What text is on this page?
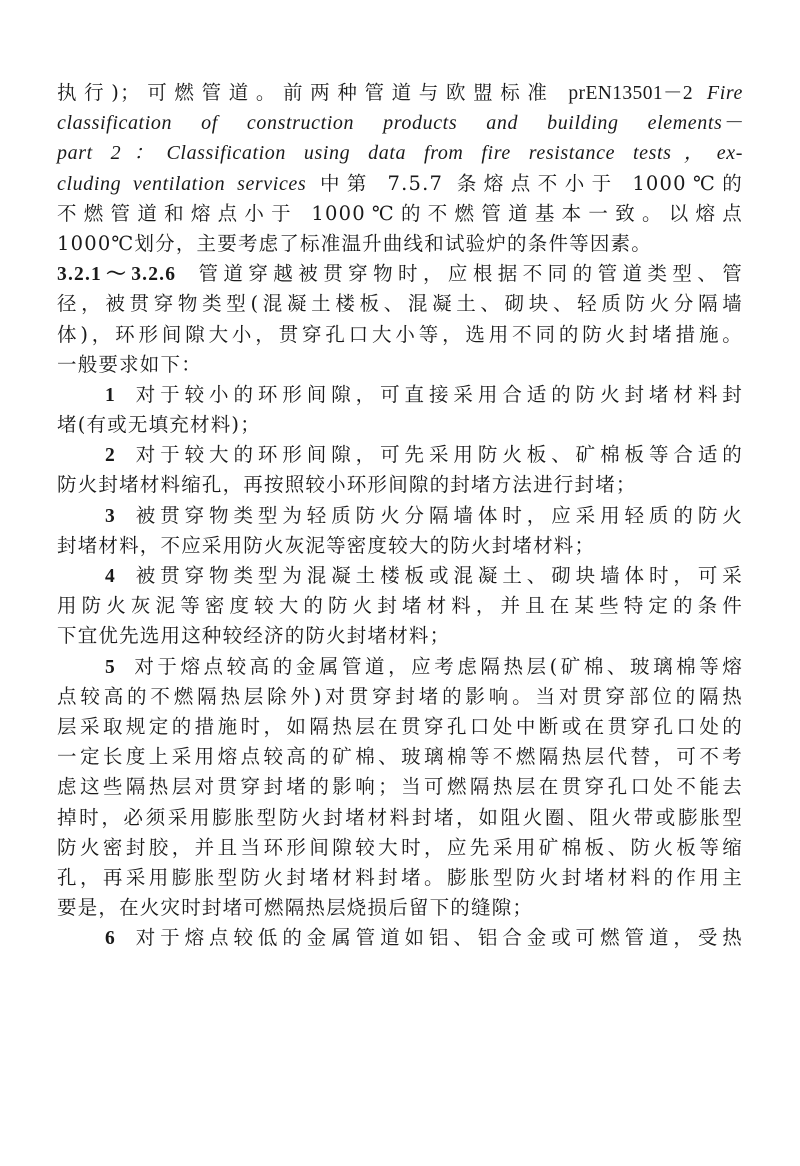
执行)；可燃管道。前两种管道与欧盟标准 prEN13501－2 Fire
classification of construction products and building elements－
part 2：Classification using data from fire resistance tests，ex-
cluding ventilation services 中第 7.5.7 条熔点不小于 1000℃的
不燃管道和熔点小于 1000℃的不燃管道基本一致。以熔点
1000℃划分，主要考虑了标准温升曲线和试验炉的条件等因素。
3.2.1～3.2.6 管道穿越被贯穿物时，应根据不同的管道类型、管
径，被贯穿物类型(混凝土楼板、混凝土、砌块、轻质防火分隔墙
体)，环形间隙大小，贯穿孔口大小等，选用不同的防火封堵措施。
一般要求如下：
1 对于较小的环形间隙，可直接采用合适的防火封堵材料封
堵(有或无填充材料)；
2 对于较大的环形间隙，可先采用防火板、矿棉板等合适的
防火封堵材料缩孔，再按照较小环形间隙的封堵方法进行封堵；
3 被贯穿物类型为轻质防火分隔墙体时，应采用轻质的防火
封堵材料，不应采用防火灰泥等密度较大的防火封堵材料；
4 被贯穿物类型为混凝土楼板或混凝土、砌块墙体时，可采
用防火灰泥等密度较大的防火封堵材料，并且在某些特定的条件
下宜优先选用这种较经济的防火封堵材料；
5 对于熔点较高的金属管道，应考虑隔热层(矿棉、玻璃棉等熔
点较高的不燃隔热层除外)对贯穿封堵的影响。当对贯穿部位的隔热
层采取规定的措施时，如隔热层在贯穿孔口处中断或在贯穿孔口处的
一定长度上采用熔点较高的矿棉、玻璃棉等不燃隔热层代替，可不考
虑这些隔热层对贯穿封堵的影响；当可燃隔热层在贯穿孔口处不能去
掉时，必须采用膨胀型防火封堵材料封堵，如阻火圈、阻火带或膨胀型
防火密封胶，并且当环形间隙较大时，应先采用矿棉板、防火板等缩
孔，再采用膨胀型防火封堵材料封堵。膨胀型防火封堵材料的作用主
要是，在火灾时封堵可燃隔热层烧损后留下的缝隙；
6 对于熔点较低的金属管道如铝、铝合金或可燃管道，受热
